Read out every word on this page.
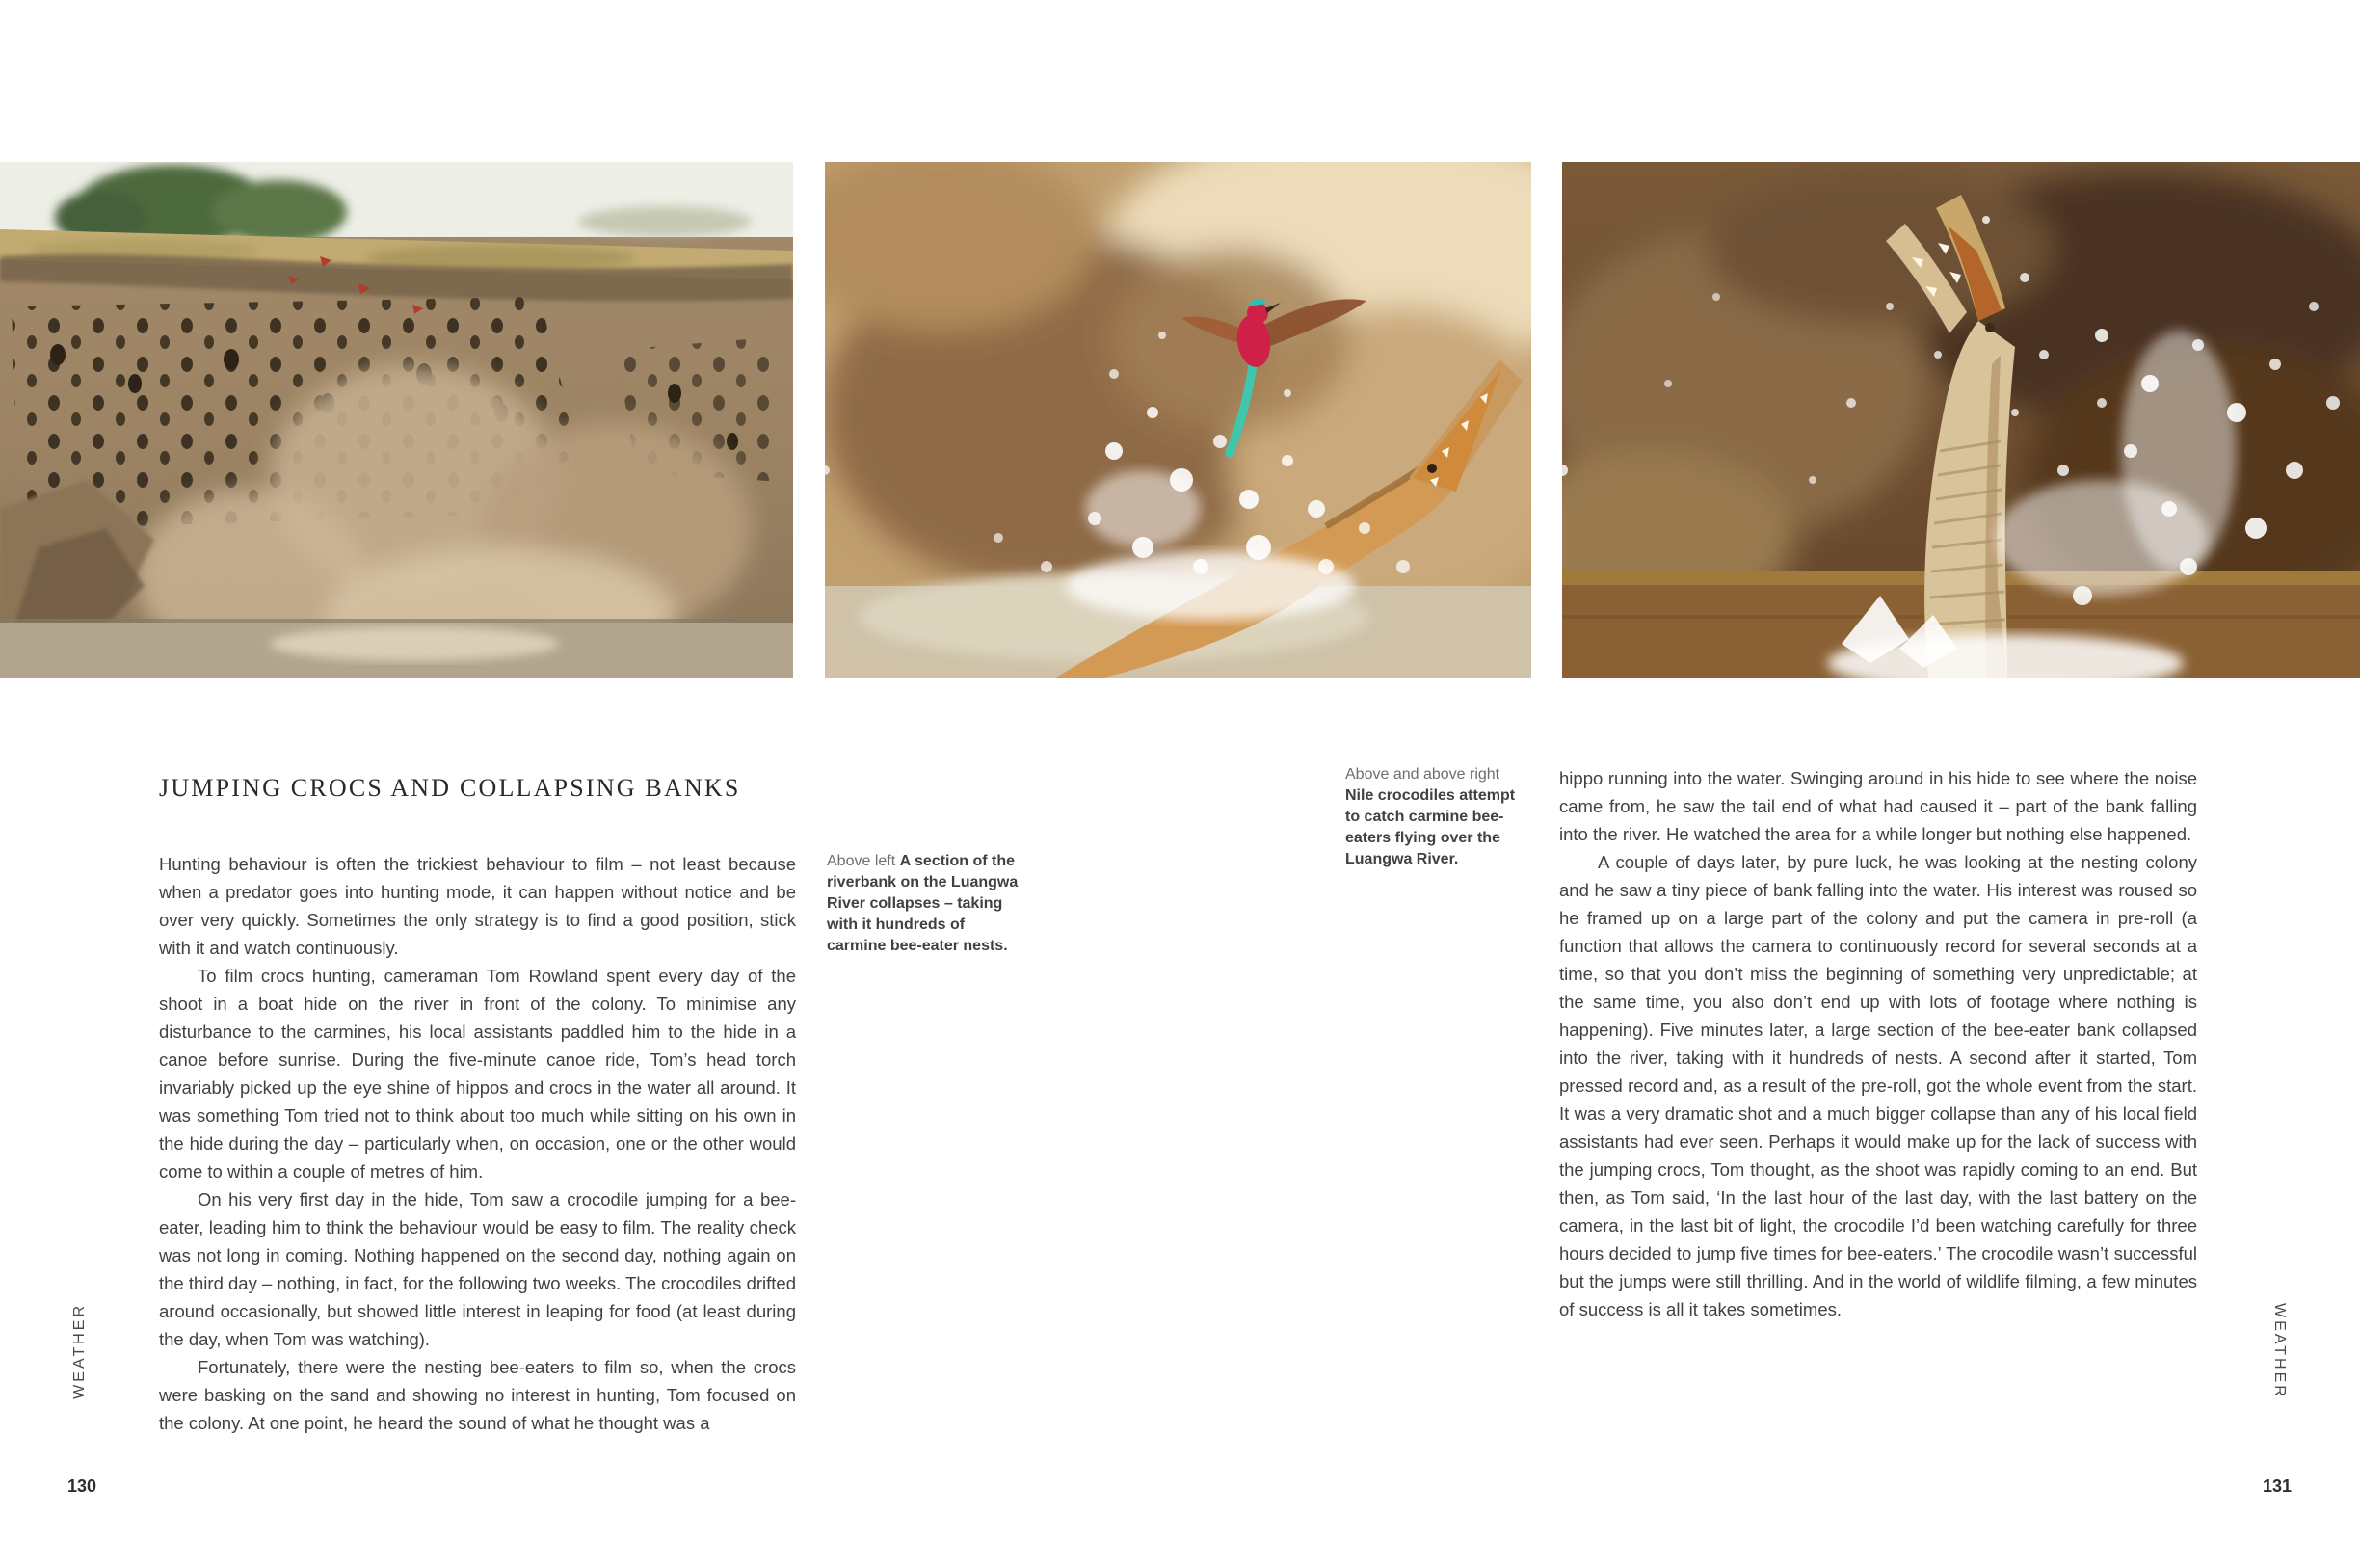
JUMPING CROCS AND COLLAPSING BANKS

Hunting behaviour is often the trickiest behaviour to film – not least because when a predator goes into hunting mode, it can happen without notice and be over very quickly. Sometimes the only strategy is to find a good position, stick with it and watch continuously.

To film crocs hunting, cameraman Tom Rowland spent every day of the shoot in a boat hide on the river in front of the colony. To minimise any disturbance to the carmines, his local assistants paddled him to the hide in a canoe before sunrise. During the five-minute canoe ride, Tom’s head torch invariably picked up the eye shine of hippos and crocs in the water all around. It was something Tom tried not to think about too much while sitting on his own in the hide during the day – particularly when, on occasion, one or the other would come to within a couple of metres of him.

On his very first day in the hide, Tom saw a crocodile jumping for a bee-eater, leading him to think the behaviour would be easy to film. The reality check was not long in coming. Nothing happened on the second day, nothing again on the third day – nothing, in fact, for the following two weeks. The crocodiles drifted around occasionally, but showed little interest in leaping for food (at least during the day, when Tom was watching).

Fortunately, there were the nesting bee-eaters to film so, when the crocs were basking on the sand and showing no interest in hunting, Tom focused on the colony. At one point, he heard the sound of what he thought was a

Above left A section of the riverbank on the Luangwa River collapses – taking with it hundreds of carmine bee-eater nests.
Above and above right Nile crocodiles attempt to catch carmine bee-eaters flying over the Luangwa River.

hippo running into the water. Swinging around in his hide to see where the noise came from, he saw the tail end of what had caused it – part of the bank falling into the river. He watched the area for a while longer but nothing else happened.

A couple of days later, by pure luck, he was looking at the nesting colony and he saw a tiny piece of bank falling into the water. His interest was roused so he framed up on a large part of the colony and put the camera in pre-roll (a function that allows the camera to continuously record for several seconds at a time, so that you don’t miss the beginning of something very unpredictable; at the same time, you also don’t end up with lots of footage where nothing is happening). Five minutes later, a large section of the bee-eater bank collapsed into the river, taking with it hundreds of nests. A second after it started, Tom pressed record and, as a result of the pre-roll, got the whole event from the start. It was a very dramatic shot and a much bigger collapse than any of his local field assistants had ever seen. Perhaps it would make up for the lack of success with the jumping crocs, Tom thought, as the shoot was rapidly coming to an end. But then, as Tom said, ‘In the last hour of the last day, with the last battery on the camera, in the last bit of light, the crocodile I’d been watching carefully for three hours decided to jump five times for bee-eaters.’ The crocodile wasn’t successful but the jumps were still thrilling. And in the world of wildlife filming, a few minutes of success is all it takes sometimes.

WEATHER	WEATHER
130	131
